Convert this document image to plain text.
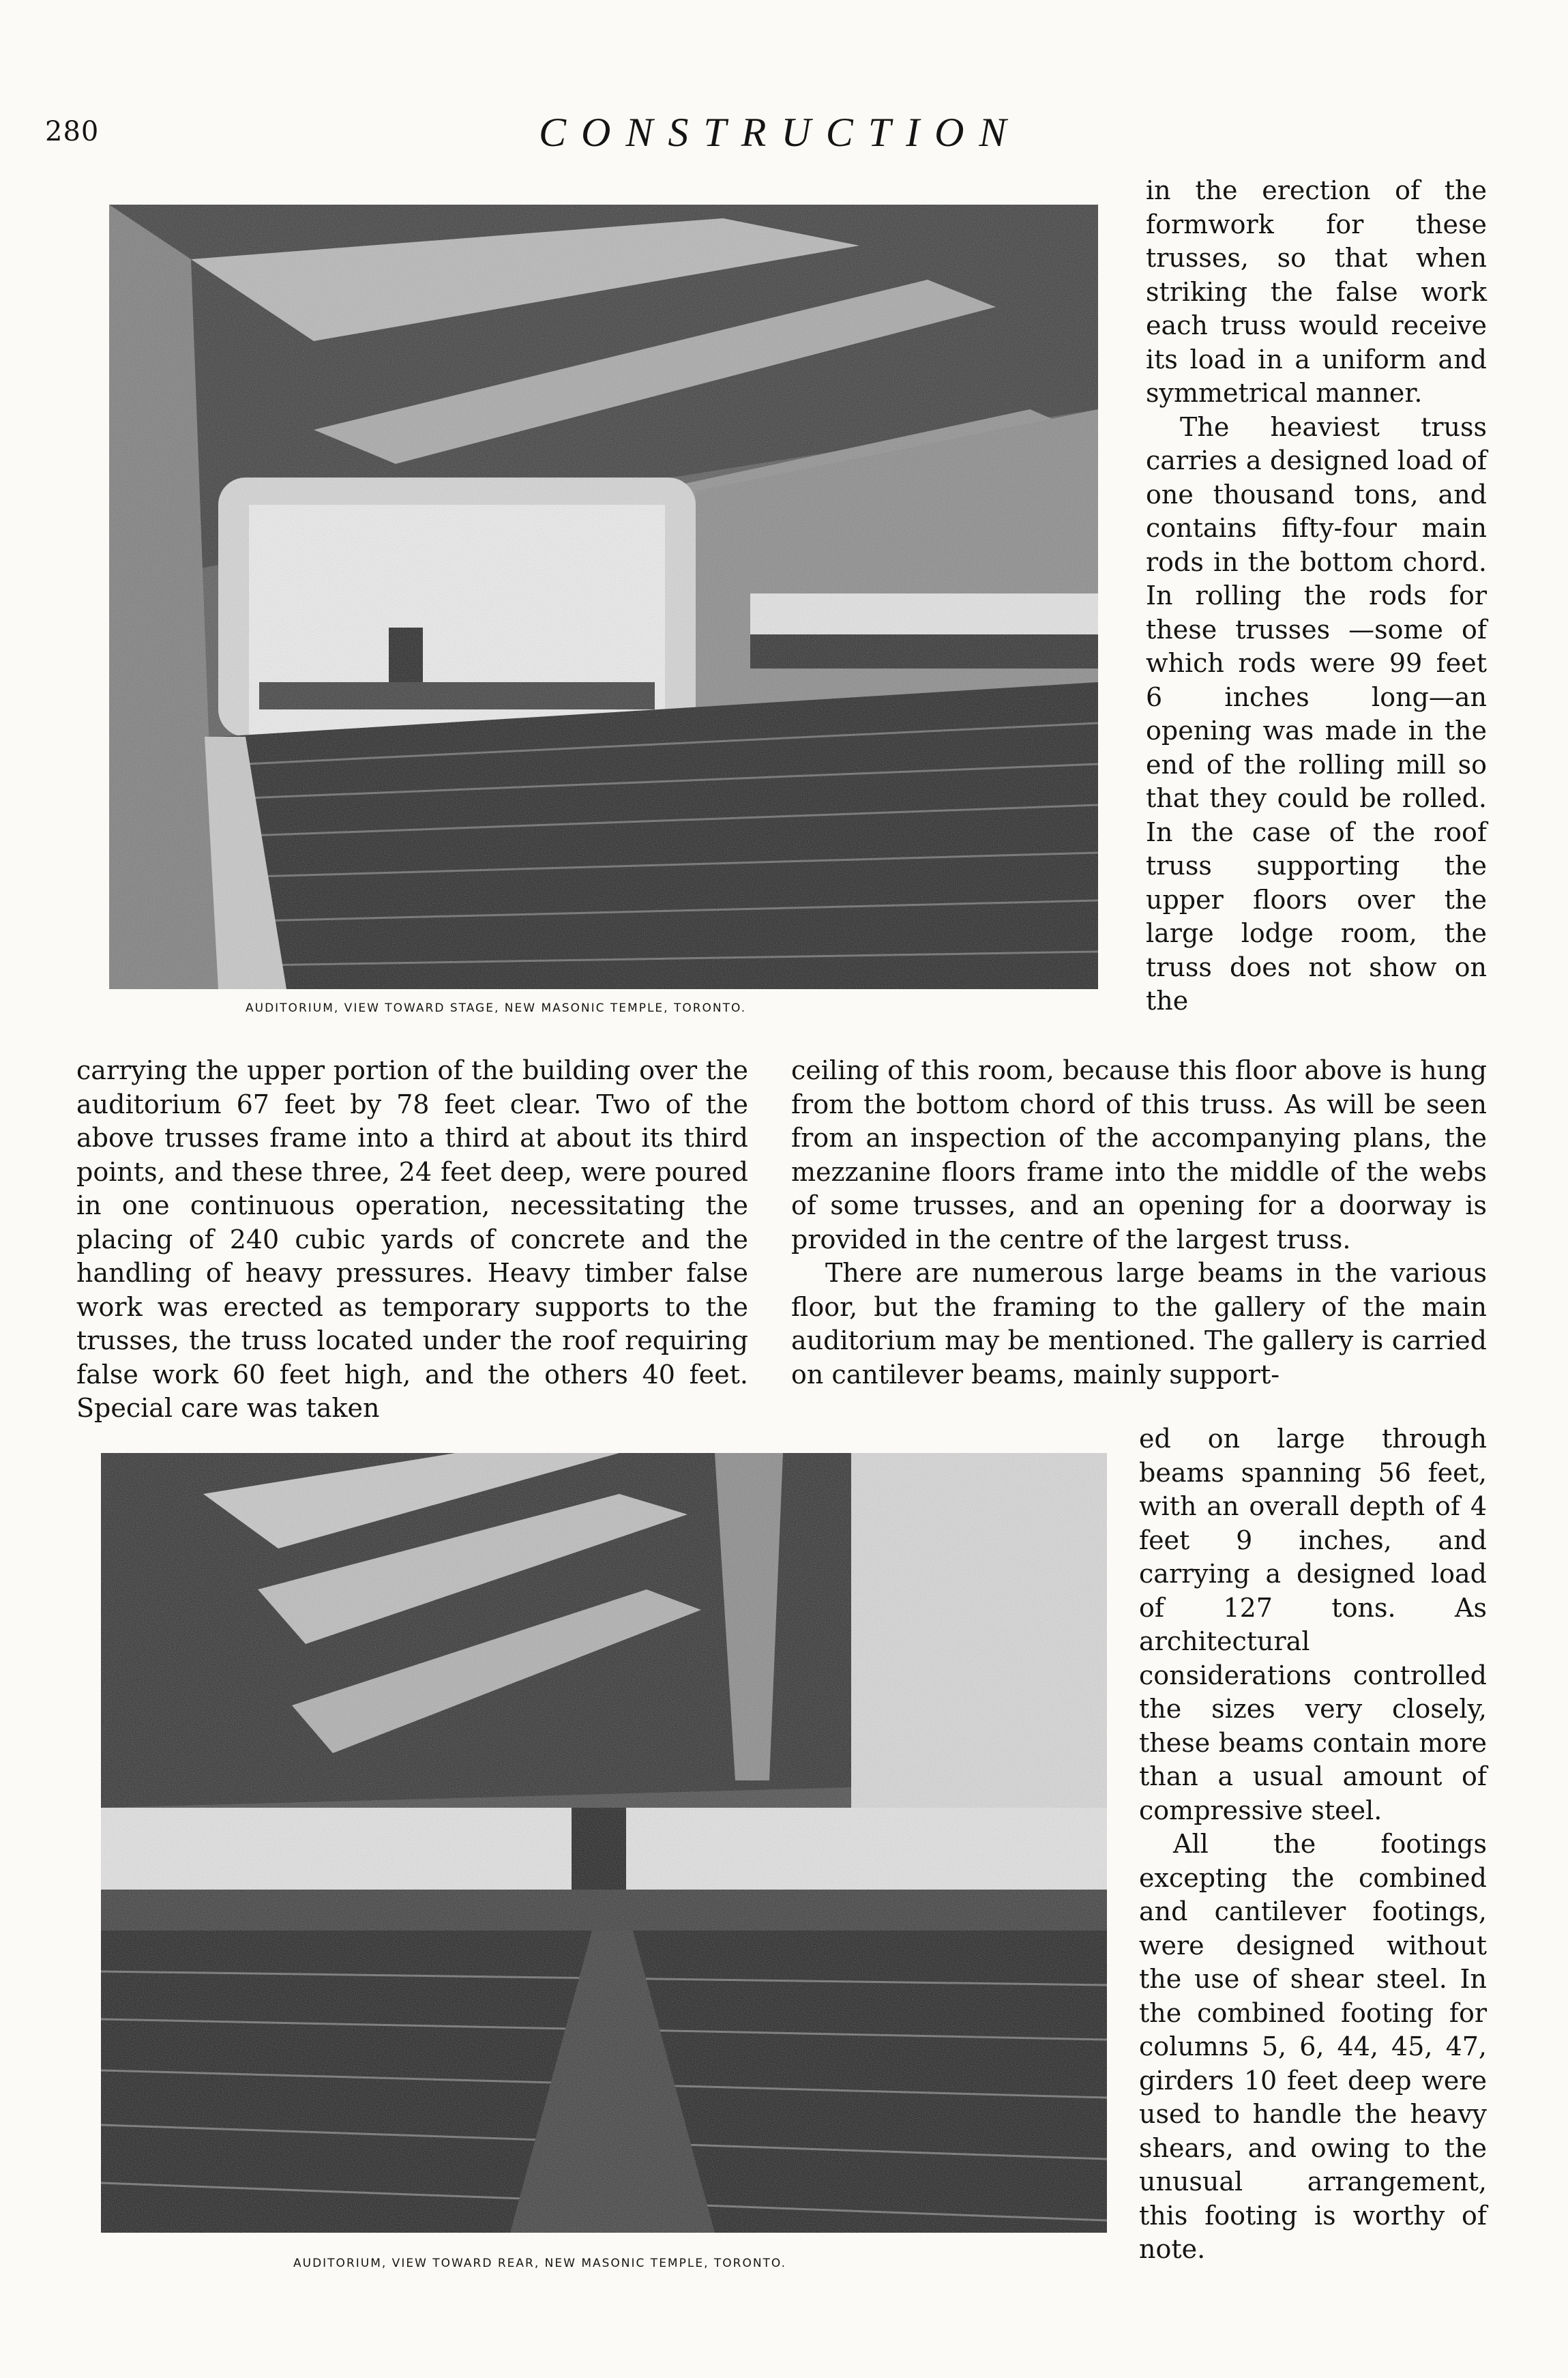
280	CONSTRUCTION
AUDITORIUM, VIEW TOWARD STAGE, NEW MASONIC TEMPLE, TORONTO.

in the erection of the formwork for these trusses, so that when striking the false work each truss would receive its load in a uniform and symmetrical manner.

The heaviest truss carries a designed load of one thousand tons, and contains fifty-four main rods in the bottom chord. In rolling the rods for these trusses —some of which rods were 99 feet 6 inches long—an opening was made in the end of the rolling mill so that they could be rolled. In the case of the roof truss supporting the upper floors over the large lodge room, the truss does not show on the

carrying the upper portion of the building over the auditorium 67 feet by 78 feet clear. Two of the above trusses frame into a third at about its third points, and these three, 24 feet deep, were poured in one continuous operation, necessitating the placing of 240 cubic yards of concrete and the handling of heavy pressures. Heavy timber false work was erected as temporary supports to the trusses, the truss located under the roof requiring false work 60 feet high, and the others 40 feet. Special care was taken

ceiling of this room, because this floor above is hung from the bottom chord of this truss. As will be seen from an inspection of the accompanying plans, the mezzanine floors frame into the middle of the webs of some trusses, and an opening for a doorway is provided in the centre of the largest truss.

There are numerous large beams in the various floor, but the framing to the gallery of the main auditorium may be mentioned. The gallery is carried on cantilever beams, mainly support-

AUDITORIUM, VIEW TOWARD REAR, NEW MASONIC TEMPLE, TORONTO.

ed on large through beams spanning 56 feet, with an overall depth of 4 feet 9 inches, and carrying a designed load of 127 tons. As architectural considerations controlled the sizes very closely, these beams contain more than a usual amount of compressive steel.

All the footings excepting the combined and cantilever footings, were designed without the use of shear steel. In the combined footing for columns 5, 6, 44, 45, 47, girders 10 feet deep were used to handle the heavy shears, and owing to the unusual arrangement, this footing is worthy of note.
